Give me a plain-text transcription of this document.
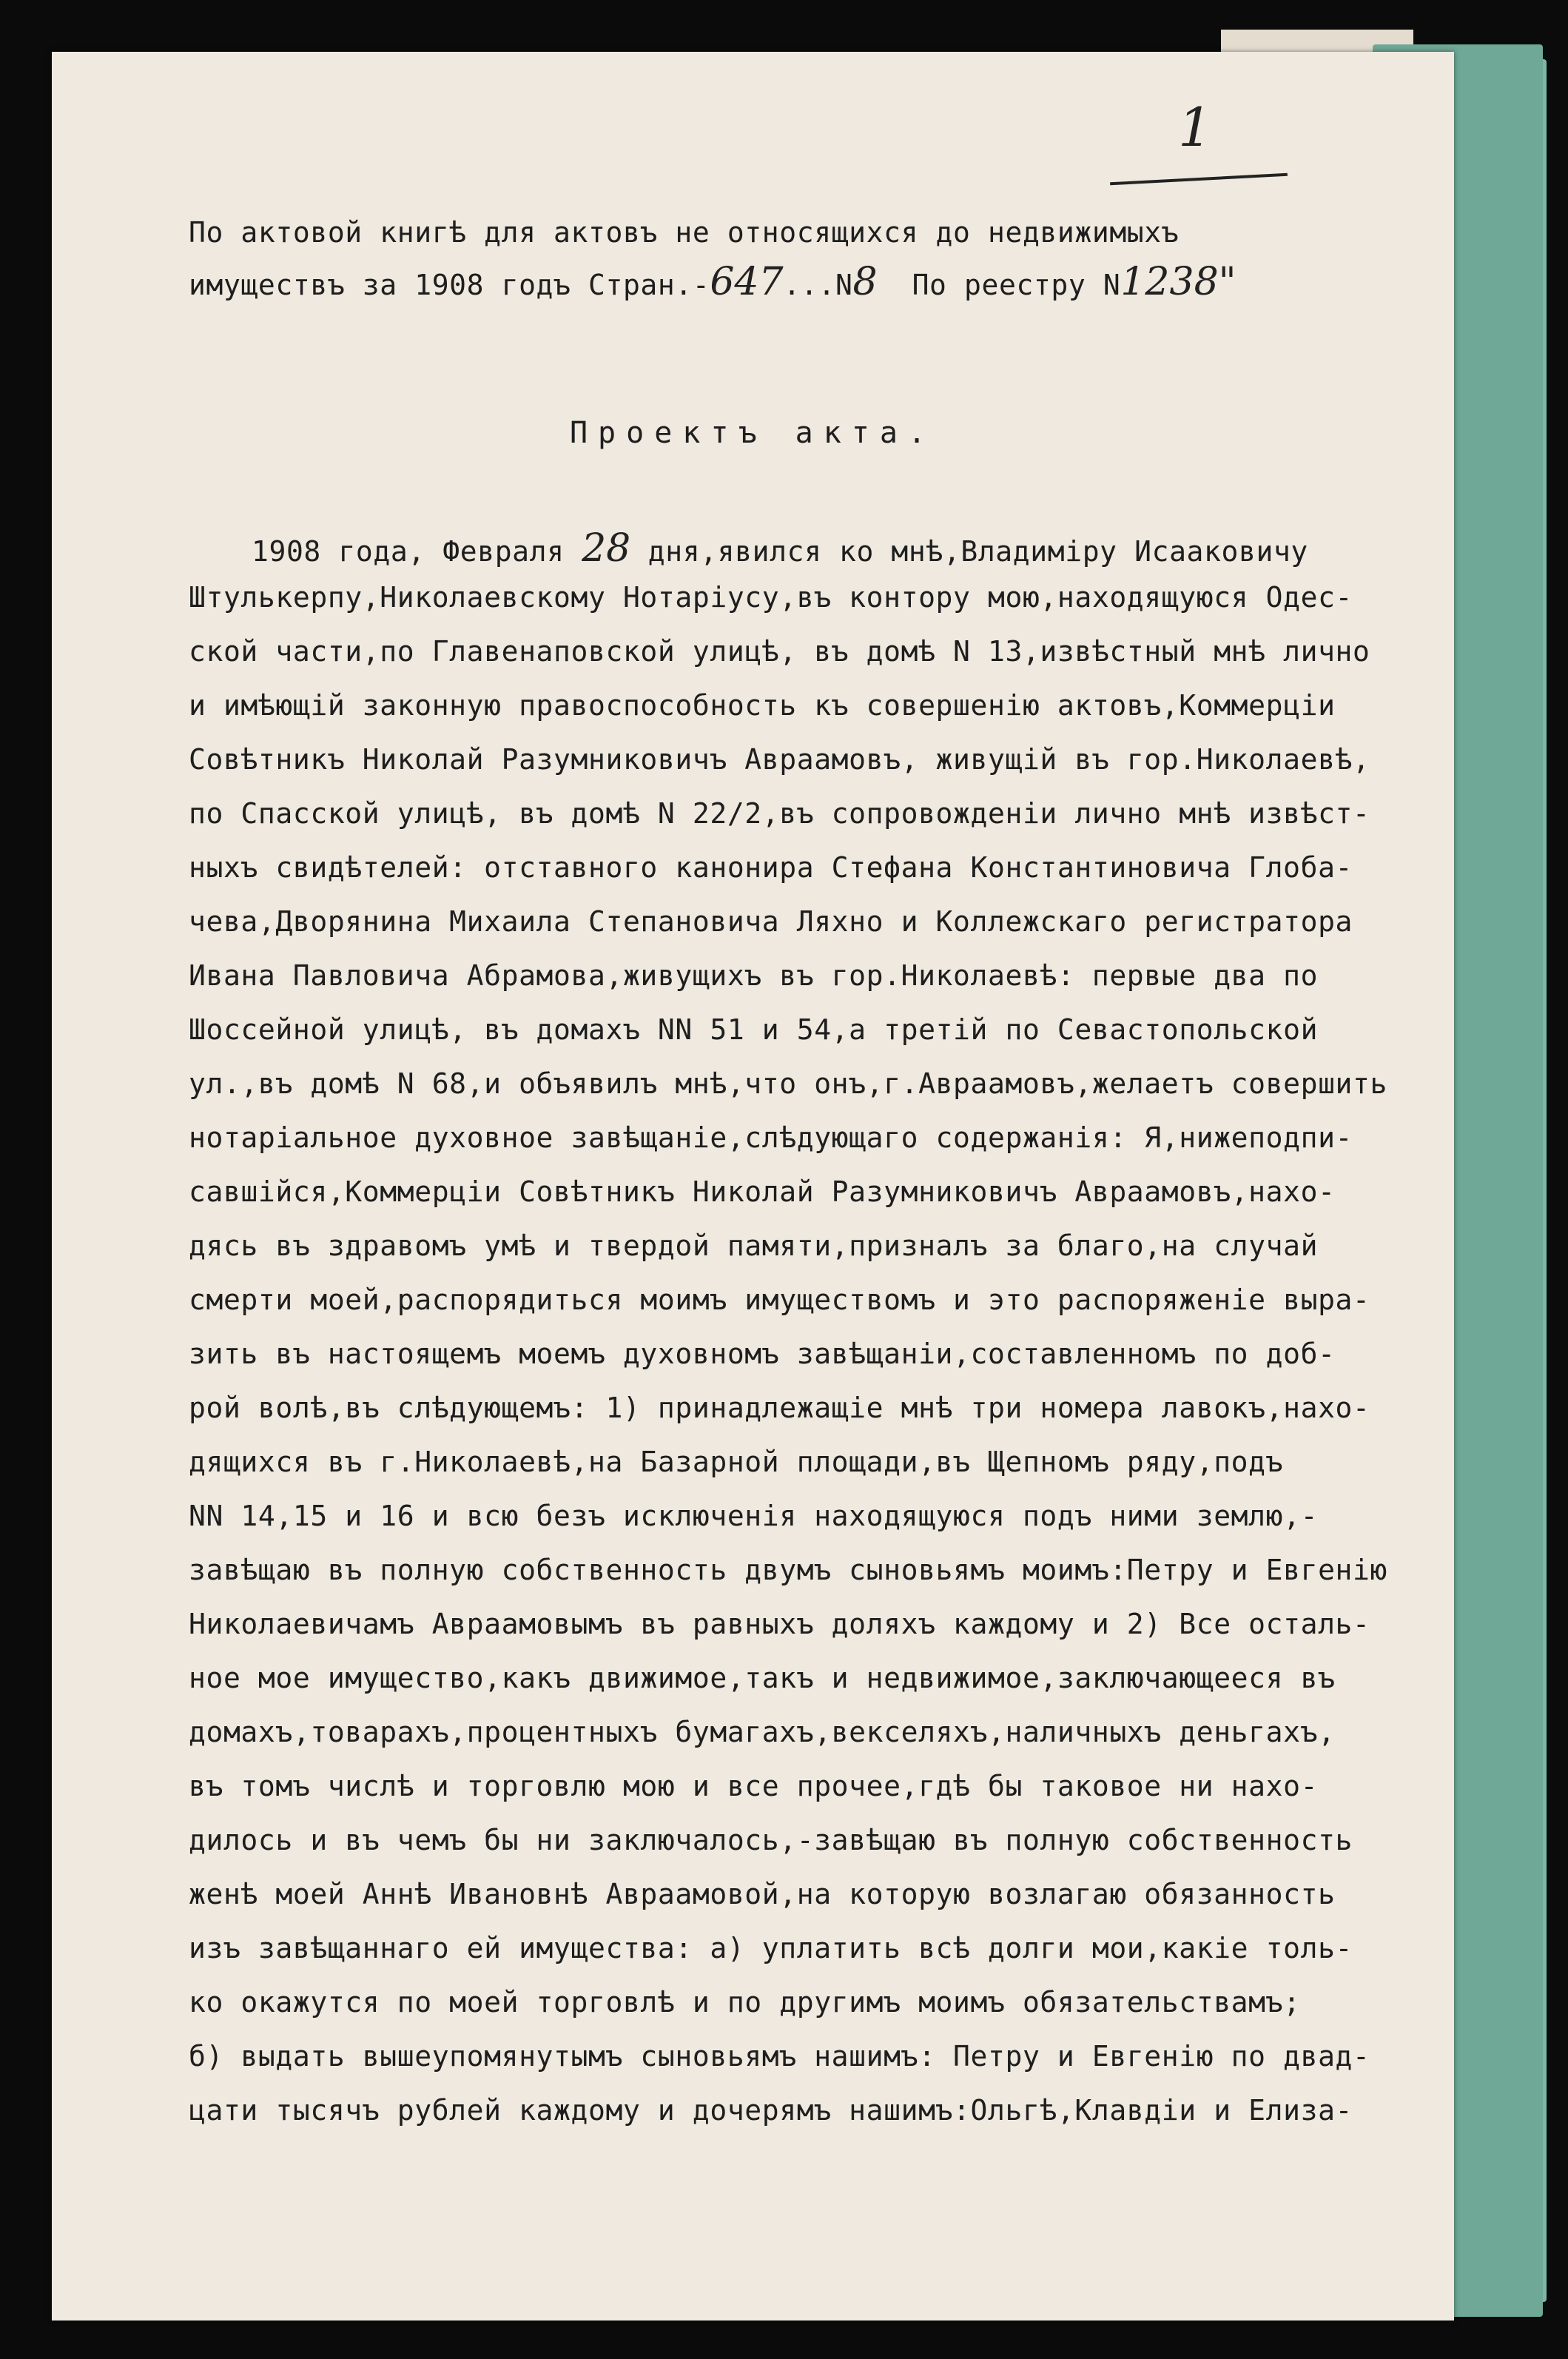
1

По актовой книгѣ для актовъ не относящихся до недвижимыхъ

имуществъ за 1908 годъ Стран.-647...N8  По реестру N1238"

Проектъ акта.

1908 года, Февраля 28 дня,явился ко мнѣ,Владимiру Исааковичу

Штулькерпу,Николаевскому Нотарiусу,въ контору мою,находящуюся Одес-

ской части,по Главенаповской улицѣ, въ домѣ N 13,извѣстный мнѣ лично

и имѣющiй законную правоспособность къ совершенiю актовъ,Коммерцiи

Совѣтникъ Николай Разумниковичъ Авраамовъ, живущiй въ гор.Николаевѣ,

по Спасской улицѣ, въ домѣ N 22/2,въ сопровожденiи лично мнѣ извѣст-

ныхъ свидѣтелей: отставного канонира Стефана Константиновича Глоба-

чева,Дворянина Михаила Степановича Ляхно и Коллежскаго регистратора

Ивана Павловича Абрамова,живущихъ въ гор.Николаевѣ: первые два по

Шоссейной улицѣ, въ домахъ NN 51 и 54,а третiй по Севастопольской

ул.,въ домѣ N 68,и объявилъ мнѣ,что онъ,г.Авраамовъ,желаетъ совершить

нотарiальное духовное завѣщанiе,слѣдующаго содержанiя: Я,нижеподпи-

савшiйся,Коммерцiи Совѣтникъ Николай Разумниковичъ Авраамовъ,нахо-

дясь въ здравомъ умѣ и твердой памяти,призналъ за благо,на случай

смерти моей,распорядиться моимъ имуществомъ и это распоряженiе выра-

зить въ настоящемъ моемъ духовномъ завѣщанiи,составленномъ по доб-

рой волѣ,въ слѣдующемъ: 1) принадлежащiе мнѣ три номера лавокъ,нахо-

дящихся въ г.Николаевѣ,на Базарной площади,въ Щепномъ ряду,подъ

NN 14,15 и 16 и всю безъ исключенiя находящуюся подъ ними землю,-

завѣщаю въ полную собственность двумъ сыновьямъ моимъ:Петру и Евгенiю

Николаевичамъ Авраамовымъ въ равныхъ доляхъ каждому и 2) Все осталь-

ное мое имущество,какъ движимое,такъ и недвижимое,заключающееся въ

домахъ,товарахъ,процентныхъ бумагахъ,векселяхъ,наличныхъ деньгахъ,

въ томъ числѣ и торговлю мою и все прочее,гдѣ бы таковое ни нахо-

дилось и въ чемъ бы ни заключалось,-завѣщаю въ полную собственность

женѣ моей Аннѣ Ивановнѣ Авраамовой,на которую возлагаю обязанность

изъ завѣщаннаго ей имущества: а) уплатить всѣ долги мои,какiе толь-

ко окажутся по моей торговлѣ и по другимъ моимъ обязательствамъ;

б) выдать вышеупомянутымъ сыновьямъ нашимъ: Петру и Евгенiю по двад-

цати тысячъ рублей каждому и дочерямъ нашимъ:Ольгѣ,Клавдiи и Елиза-
